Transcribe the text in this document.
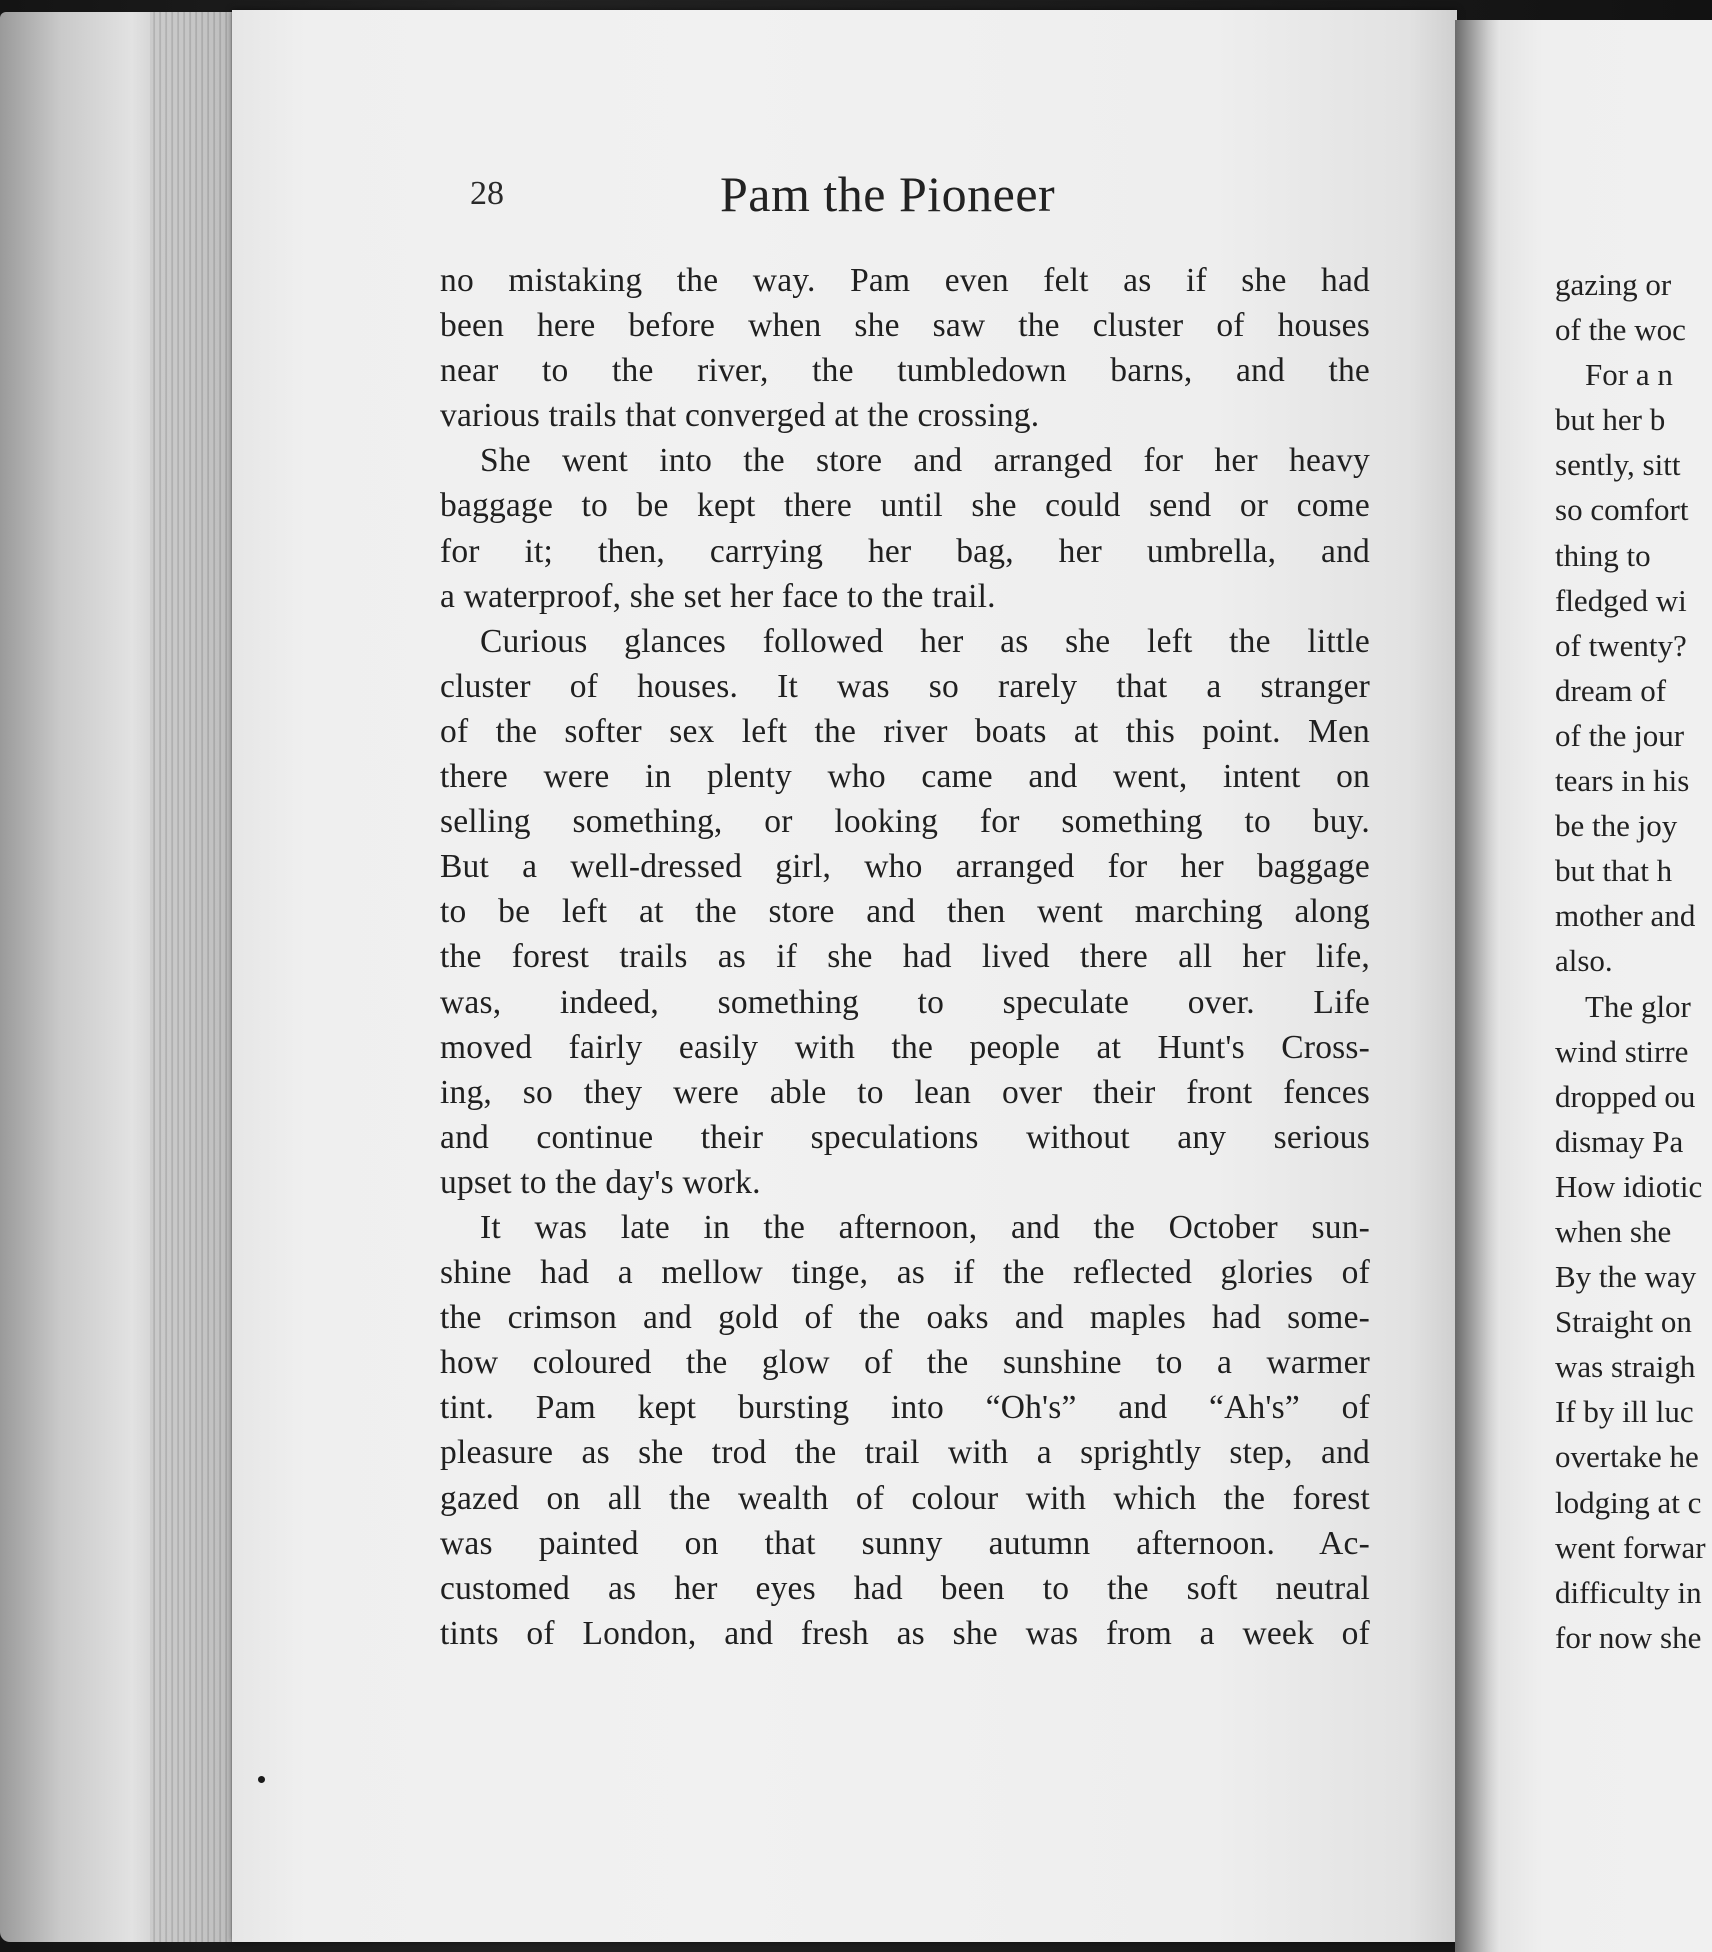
28	Pam the Pioneer
no mistaking the way. Pam even felt as if she had
been here before when she saw the cluster of houses
near to the river, the tumbledown barns, and the
various trails that converged at the crossing.
She went into the store and arranged for her heavy
baggage to be kept there until she could send or come
for it; then, carrying her bag, her umbrella, and
a waterproof, she set her face to the trail.
Curious glances followed her as she left the little
cluster of houses. It was so rarely that a stranger
of the softer sex left the river boats at this point. Men
there were in plenty who came and went, intent on
selling something, or looking for something to buy.
But a well-dressed girl, who arranged for her baggage
to be left at the store and then went marching along
the forest trails as if she had lived there all her life,
was, indeed, something to speculate over. Life
moved fairly easily with the people at Hunt's Cross-
ing, so they were able to lean over their front fences
and continue their speculations without any serious
upset to the day's work.
It was late in the afternoon, and the October sun-
shine had a mellow tinge, as if the reflected glories of
the crimson and gold of the oaks and maples had some-
how coloured the glow of the sunshine to a warmer
tint. Pam kept bursting into “Oh's” and “Ah's” of
pleasure as she trod the trail with a sprightly step, and
gazed on all the wealth of colour with which the forest
was painted on that sunny autumn afternoon. Ac-
customed as her eyes had been to the soft neutral
tints of London, and fresh as she was from a week of
gazing or
of the woc
For a n
but her b
sently, sitt
so comfort
thing to
fledged wi
of twenty?
dream of
of the jour
tears in his
be the joy
but that h
mother and
also.
The glor
wind stirre
dropped ou
dismay Pa
How idiotic
when she
By the way
Straight on
was straigh
If by ill luc
overtake he
lodging at c
went forwar
difficulty in
for now she
